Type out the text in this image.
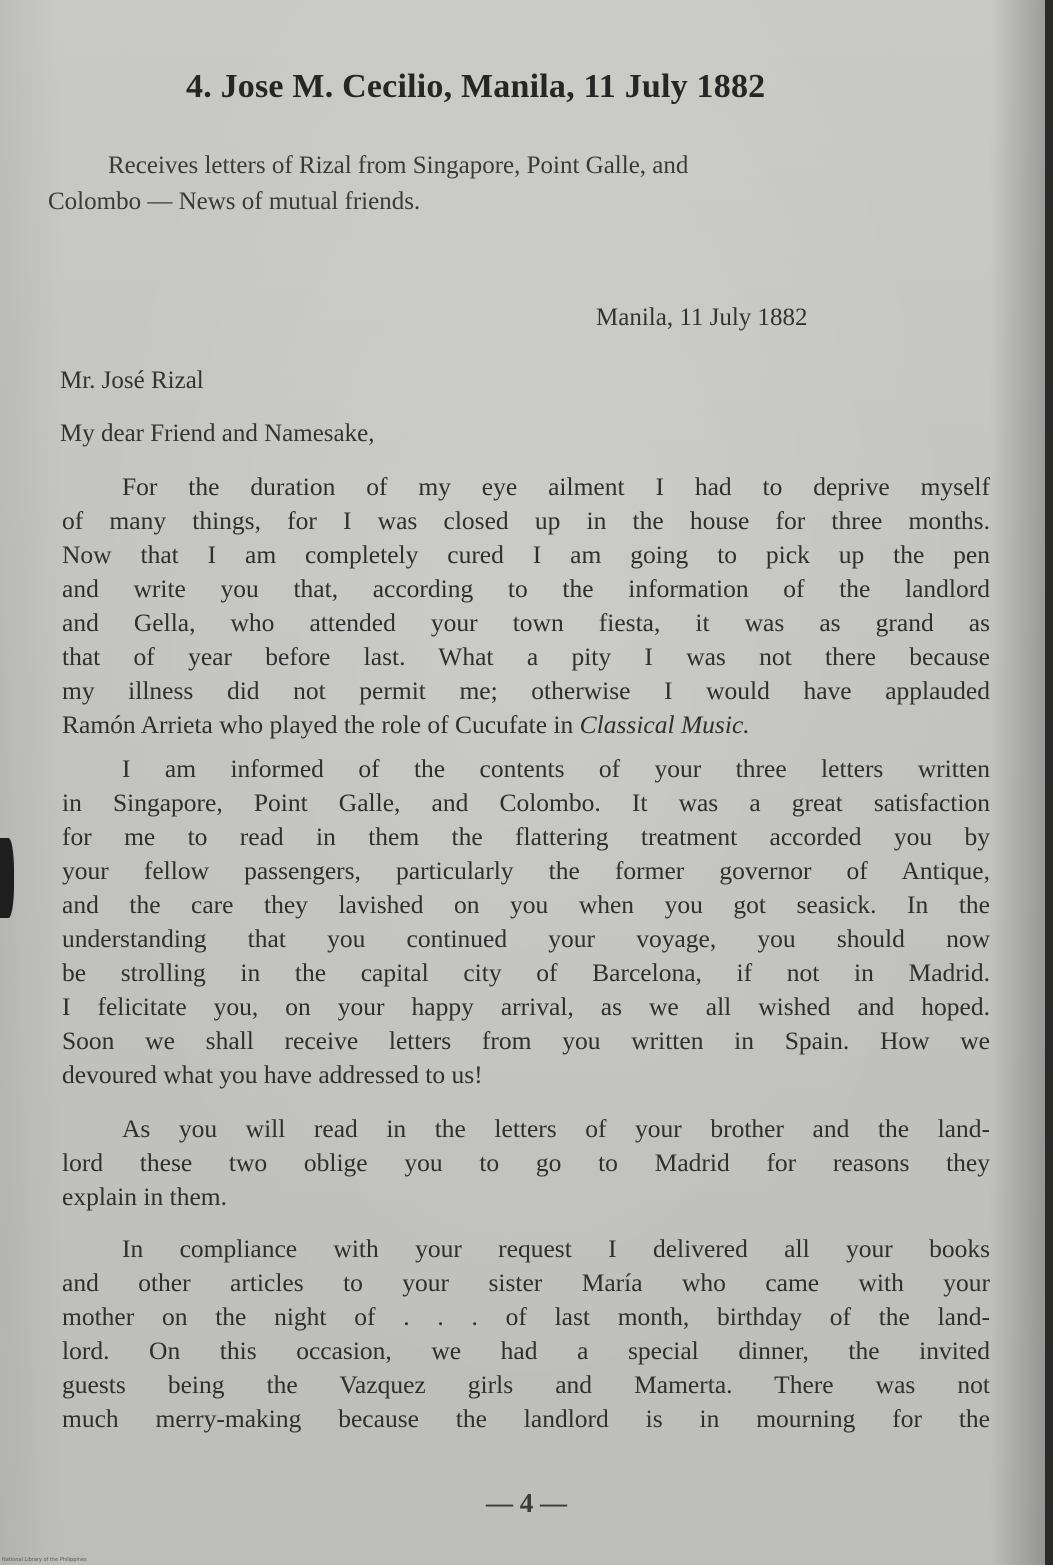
4. Jose M. Cecilio, Manila, 11 July 1882
Receives letters of Rizal from Singapore, Point Galle, and
Colombo — News of mutual friends.
Manila, 11 July 1882
Mr. José Rizal
My dear Friend and Namesake,
For the duration of my eye ailment I had to deprive myself
of many things, for I was closed up in the house for three months.
Now that I am completely cured I am going to pick up the pen
and write you that, according to the information of the landlord
and Gella, who attended your town fiesta, it was as grand as
that of year before last. What a pity I was not there because
my illness did not permit me; otherwise I would have applauded
Ramón Arrieta who played the role of Cucufate in Classical Music.
I am informed of the contents of your three letters written
in Singapore, Point Galle, and Colombo. It was a great satisfaction
for me to read in them the flattering treatment accorded you by
your fellow passengers, particularly the former governor of Antique,
and the care they lavished on you when you got seasick. In the
understanding that you continued your voyage, you should now
be strolling in the capital city of Barcelona, if not in Madrid.
I felicitate you, on your happy arrival, as we all wished and hoped.
Soon we shall receive letters from you written in Spain. How we
devoured what you have addressed to us!
As you will read in the letters of your brother and the land-
lord these two oblige you to go to Madrid for reasons they
explain in them.
In compliance with your request I delivered all your books
and other articles to your sister María who came with your
mother on the night of . . . of last month, birthday of the land-
lord. On this occasion, we had a special dinner, the invited
guests being the Vazquez girls and Mamerta. There was not
much merry-making because the landlord is in mourning for the
— 4 —
National Library of the Philippines
